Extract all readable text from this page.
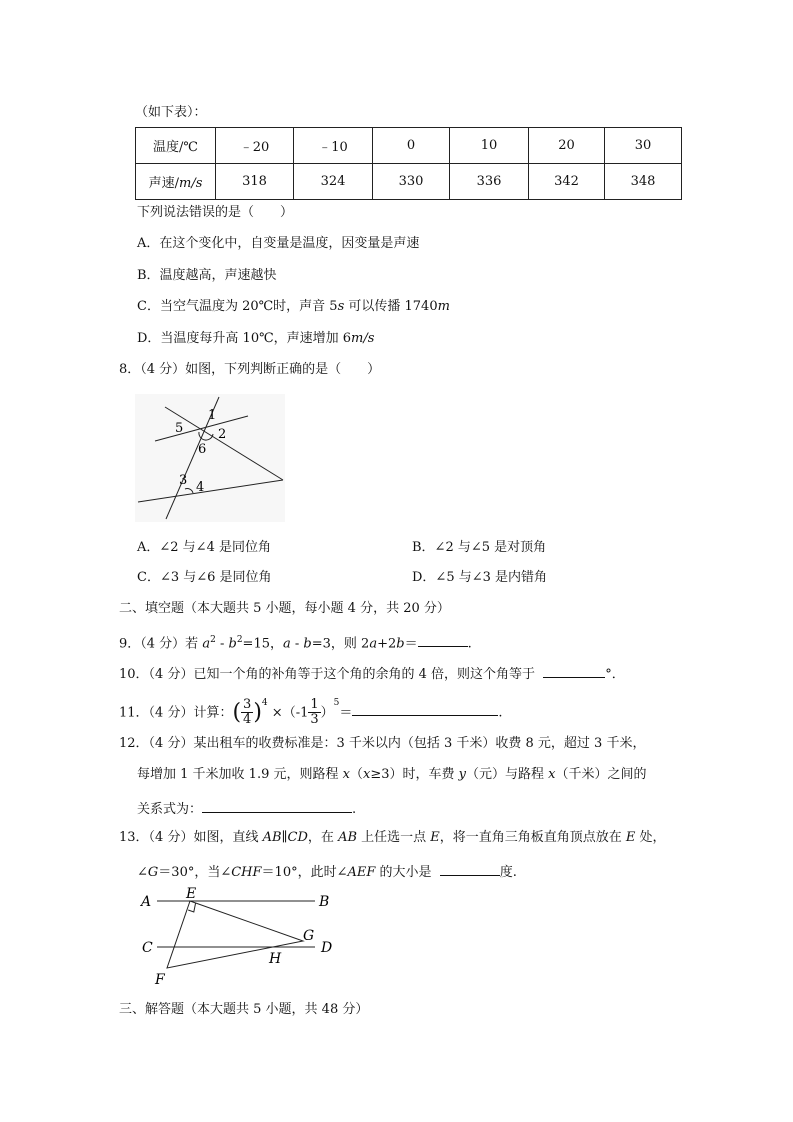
（如下表）：
温度/℃	﹣20	﹣10	0	10	20	30
声速/m/s	318	324	330	336	342	348
下列说法错误的是（　　）
A．在这个变化中，自变量是温度，因变量是声速
B．温度越高，声速越快
C．当空气温度为 20℃时，声音 5s 可以传播 1740m
D．当温度每升高 10℃，声速增加 6m/s
8．（4 分）如图，下列判断正确的是（　　）
1
2
5
6
3 4
A．∠2 与∠4 是同位角	B．∠2 与∠5 是对顶角
C．∠3 与∠6 是同位角	D．∠5 与∠3 是内错角
二、填空题（本大题共 5 小题，每小题 4 分，共 20 分）
9．（4 分）若 $a^2 - b^2=15$，a - b=3，则 2a+2b＝	.
10．（4 分）已知一个角的补角等于这个角的余角的 4 倍，则这个角等于	°．
11．（4 分）计算：( $\frac{3}{4} )^4 \times(-1 \frac{1}{3} )^5=$	.
12．（4 分）某出租车的收费标准是：3 千米以内（包括 3 千米）收费 8 元，超过 3 千米，
每增加 1 千米加收 1.9 元，则路程 x（x≥3）时，车费 y（元）与路程 x（千米）之间的
关系式为：	.
13．（4 分）如图，直线 AB∥CD，在 AB 上任选一点 E，将一直角三角板直角顶点放在 E 处，
∠G＝30°，当∠CHF＝10°，此时∠AEF 的大小是	度.
A	B
C	D
E
F
G
H
三、解答题（本大题共 5 小题，共 48 分）
